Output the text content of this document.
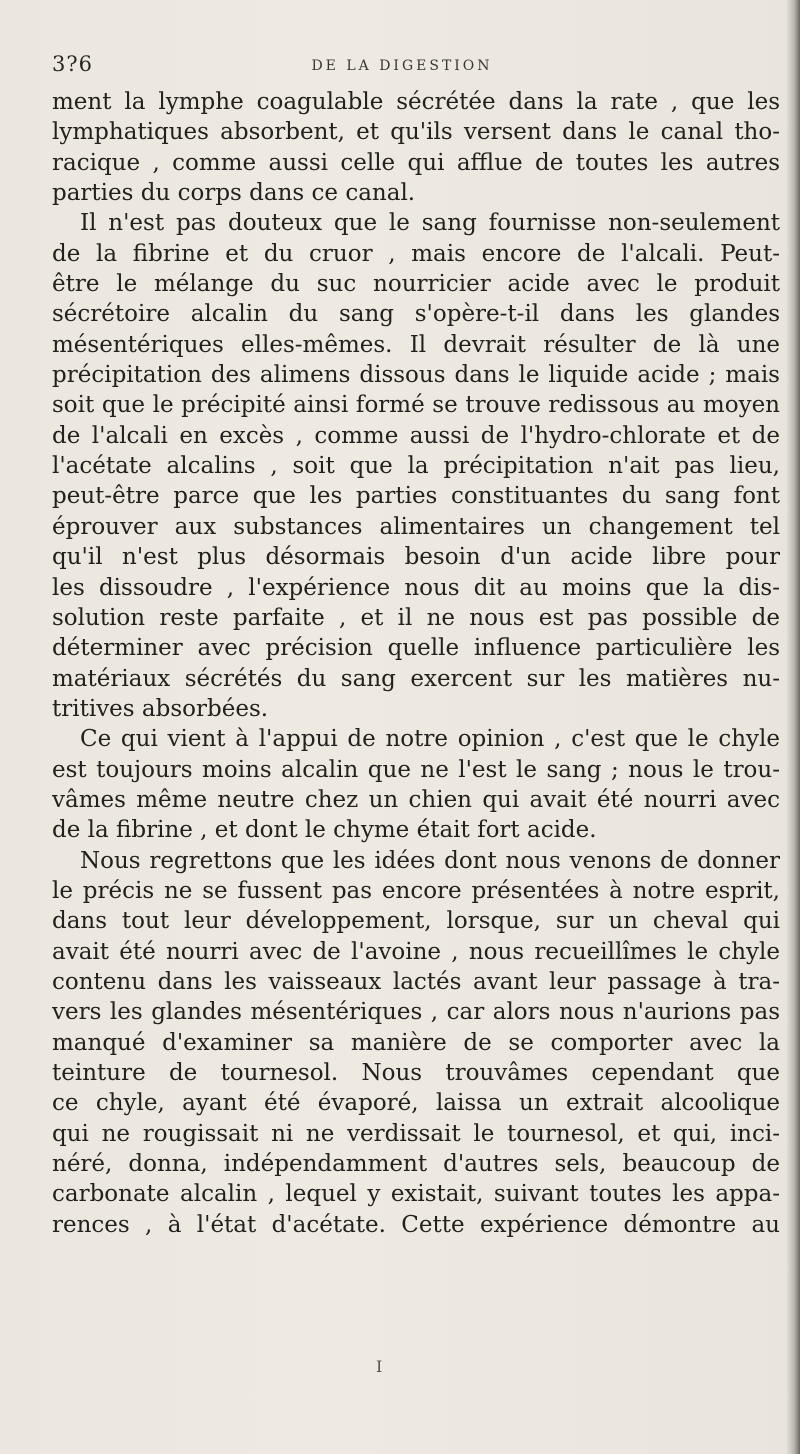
3?6	DE LA DIGESTION
ment la lymphe coagulable sécrétée dans la rate , que les
lymphatiques absorbent, et qu'ils versent dans le canal tho-
racique , comme aussi celle qui afflue de toutes les autres
parties du corps dans ce canal.
Il n'est pas douteux que le sang fournisse non-seulement
de la fibrine et du cruor , mais encore de l'alcali. Peut-
être le mélange du suc nourricier acide avec le produit
sécrétoire alcalin du sang s'opère-t-il dans les glandes
mésentériques elles-mêmes. Il devrait résulter de là une
précipitation des alimens dissous dans le liquide acide ; mais
soit que le précipité ainsi formé se trouve redissous au moyen
de l'alcali en excès , comme aussi de l'hydro-chlorate et de
l'acétate alcalins , soit que la précipitation n'ait pas lieu,
peut-être parce que les parties constituantes du sang font
éprouver aux substances alimentaires un changement tel
qu'il n'est plus désormais besoin d'un acide libre pour
les dissoudre , l'expérience nous dit au moins que la dis-
solution reste parfaite , et il ne nous est pas possible de
déterminer avec précision quelle influence particulière les
matériaux sécrétés du sang exercent sur les matières nu-
tritives absorbées.
Ce qui vient à l'appui de notre opinion , c'est que le chyle
est toujours moins alcalin que ne l'est le sang ; nous le trou-
vâmes même neutre chez un chien qui avait été nourri avec
de la fibrine , et dont le chyme était fort acide.
Nous regrettons que les idées dont nous venons de donner
le précis ne se fussent pas encore présentées à notre esprit,
dans tout leur développement, lorsque, sur un cheval qui
avait été nourri avec de l'avoine , nous recueillîmes le chyle
contenu dans les vaisseaux lactés avant leur passage à tra-
vers les glandes mésentériques , car alors nous n'aurions pas
manqué d'examiner sa manière de se comporter avec la
teinture de tournesol. Nous trouvâmes cependant que
ce chyle, ayant été évaporé, laissa un extrait alcoolique
qui ne rougissait ni ne verdissait le tournesol, et qui, inci-
néré, donna, indépendamment d'autres sels, beaucoup de
carbonate alcalin , lequel y existait, suivant toutes les appa-
rences , à l'état d'acétate. Cette expérience démontre au
I
